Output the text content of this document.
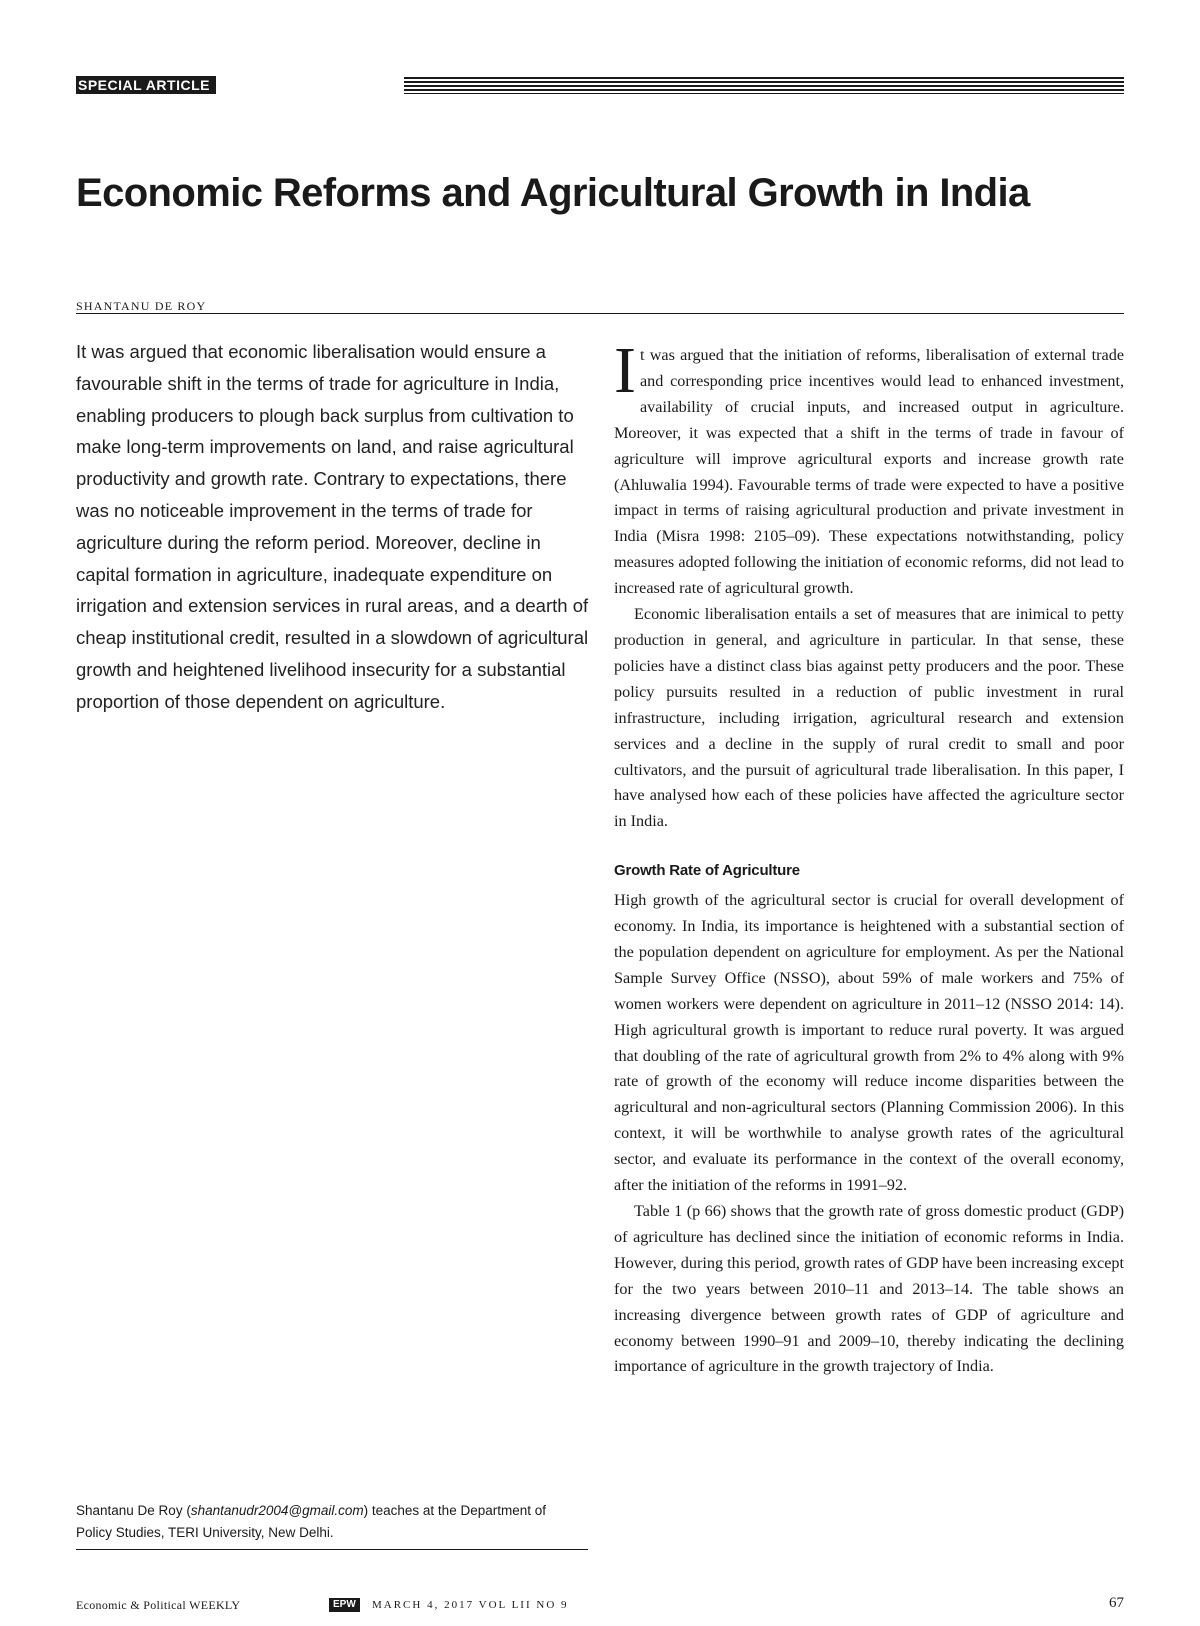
SPECIAL ARTICLE
Economic Reforms and Agricultural Growth in India
SHANTANU DE ROY

It was argued that economic liberalisation would ensure a favourable shift in the terms of trade for agriculture in India, enabling producers to plough back surplus from cultivation to make long-term improvements on land, and raise agricultural productivity and growth rate. Contrary to expectations, there was no noticeable improvement in the terms of trade for agriculture during the reform period. Moreover, decline in capital formation in agriculture, inadequate expenditure on irrigation and extension services in rural areas, and a dearth of cheap institutional credit, resulted in a slowdown of agricultural growth and heightened livelihood insecurity for a substantial proportion of those dependent on agriculture.

It was argued that the initiation of reforms, liberalisation of external trade and corresponding price incentives would lead to enhanced investment, availability of crucial inputs, and increased output in agriculture. Moreover, it was expected that a shift in the terms of trade in favour of agriculture will improve agricultural exports and increase growth rate (Ahluwalia 1994). Favourable terms of trade were expected to have a positive impact in terms of raising agricultural production and private investment in India (Misra 1998: 2105–09). These expectations notwithstanding, policy measures adopted following the initiation of economic reforms, did not lead to increased rate of agricultural growth.

Economic liberalisation entails a set of measures that are inimical to petty production in general, and agriculture in particular. In that sense, these policies have a distinct class bias against petty producers and the poor. These policy pursuits resulted in a reduction of public investment in rural infrastructure, including irrigation, agricultural research and extension services and a decline in the supply of rural credit to small and poor cultivators, and the pursuit of agricultural trade liberalisation. In this paper, I have analysed how each of these policies have affected the agriculture sector in India.

Growth Rate of Agriculture

High growth of the agricultural sector is crucial for overall development of economy. In India, its importance is heightened with a substantial section of the population dependent on agriculture for employment. As per the National Sample Survey Office (NSSO), about 59% of male workers and 75% of women workers were dependent on agriculture in 2011–12 (NSSO 2014: 14). High agricultural growth is important to reduce rural poverty. It was argued that doubling of the rate of agricultural growth from 2% to 4% along with 9% rate of growth of the economy will reduce income disparities between the agricultural and non-agricultural sectors (Planning Commission 2006). In this context, it will be worthwhile to analyse growth rates of the agricultural sector, and evaluate its performance in the context of the overall economy, after the initiation of the reforms in 1991–92.

Table 1 (p 66) shows that the growth rate of gross domestic product (GDP) of agriculture has declined since the initiation of economic reforms in India. However, during this period, growth rates of GDP have been increasing except for the two years between 2010–11 and 2013–14. The table shows an increasing divergence between growth rates of GDP of agriculture and economy between 1990–91 and 2009–10, thereby indicating the declining importance of agriculture in the growth trajectory of India.

Shantanu De Roy (shantanudr2004@gmail.com) teaches at the Department of Policy Studies, TERI University, New Delhi.

Economic & Political WEEKLY	EPW	MARCH 4, 2017 VOL LII NO 9	67
